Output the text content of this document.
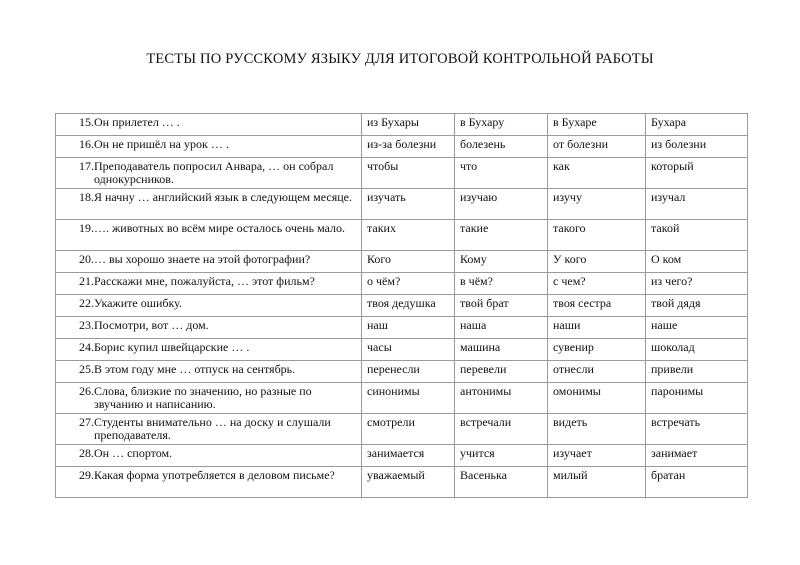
ТЕСТЫ ПО РУССКОМУ ЯЗЫКУ ДЛЯ ИТОГОВОЙ КОНТРОЛЬНОЙ РАБОТЫ
15. Он прилетел … .	из Бухары	в Бухару	в Бухаре	Бухара

16. Он не пришёл на урок … .	из-за болезни	болезень	от болезни	из болезни

17. Преподаватель попросил Анвара, … он собрал однокурсников.	чтобы	что	как	который

18. Я начну … английский язык в следующем месяце.	изучать	изучаю	изучу	изучал

19. …. животных во всём мире осталось очень мало.	таких	такие	такого	такой

20. … вы хорошо знаете на этой фотографии?	Кого	Кому	У кого	О ком

21. Расскажи мне, пожалуйста, … этот фильм?	о чём?	в чём?	с чем?	из чего?

22. Укажите ошибку.	твоя дедушка	твой брат	твоя сестра	твой дядя

23. Посмотри, вот … дом.	наш	наша	наши	наше

24. Борис купил швейцарские … .	часы	машина	сувенир	шоколад

25. В этом году мне … отпуск на сентябрь.	перенесли	перевели	отнесли	привели

26. Слова, близкие по значению, но разные по звучанию и написанию.	синонимы	антонимы	омонимы	паронимы

27. Студенты внимательно … на доску и слушали преподавателя.	смотрели	встречали	видеть	встречать

28. Он … спортом.	занимается	учится	изучает	занимает

29. Какая форма употребляется в деловом письме?	уважаемый	Васенька	милый	братан
